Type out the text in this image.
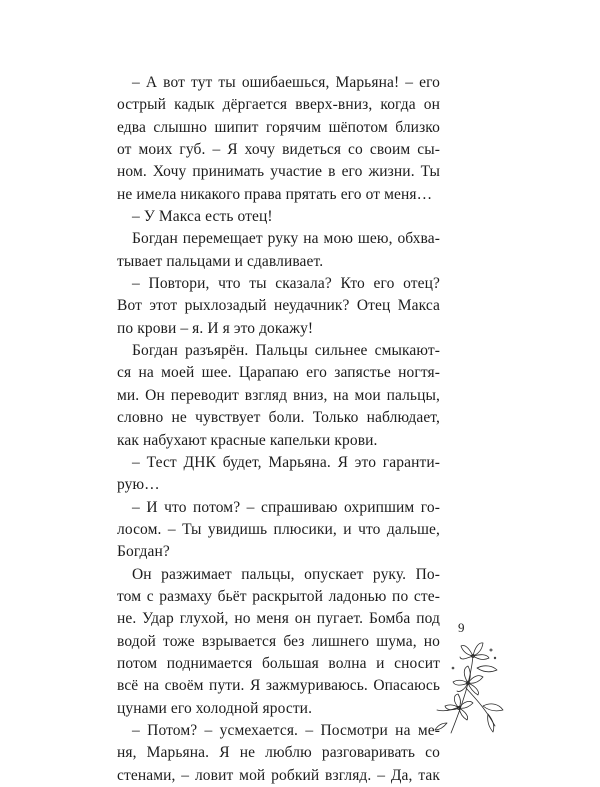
– А вот тут ты ошибаешься, Марьяна! – его
острый кадык дёргается вверх-вниз, когда он
едва слышно шипит горячим шёпотом близко
от моих губ. – Я хочу видеться со своим сы-
ном. Хочу принимать участие в его жизни. Ты
не имела никакого права прятать его от меня…
– У Макса есть отец!
Богдан перемещает руку на мою шею, обхва-
тывает пальцами и сдавливает.
– Повтори, что ты сказала? Кто его отец?
Вот этот рыхлозадый неудачник? Отец Макса
по крови – я. И я это докажу!
Богдан разъярён. Пальцы сильнее смыкают-
ся на моей шее. Царапаю его запястье ногтя-
ми. Он переводит взгляд вниз, на мои пальцы,
словно не чувствует боли. Только наблюдает,
как набухают красные капельки крови.
– Тест ДНК будет, Марьяна. Я это гаранти-
рую…
– И что потом? – спрашиваю охрипшим го-
лосом. – Ты увидишь плюсики, и что дальше,
Богдан?
Он разжимает пальцы, опускает руку. По-
том с размаху бьёт раскрытой ладонью по сте-
не. Удар глухой, но меня он пугает. Бомба под
водой тоже взрывается без лишнего шума, но
потом поднимается большая волна и сносит
всё на своём пути. Я зажмуриваюсь. Опасаюсь
цунами его холодной ярости.
– Потом? – усмехается. – Посмотри на ме-
ня, Марьяна. Я не люблю разговаривать со
стенами, – ловит мой робкий взгляд. – Да, так
9
